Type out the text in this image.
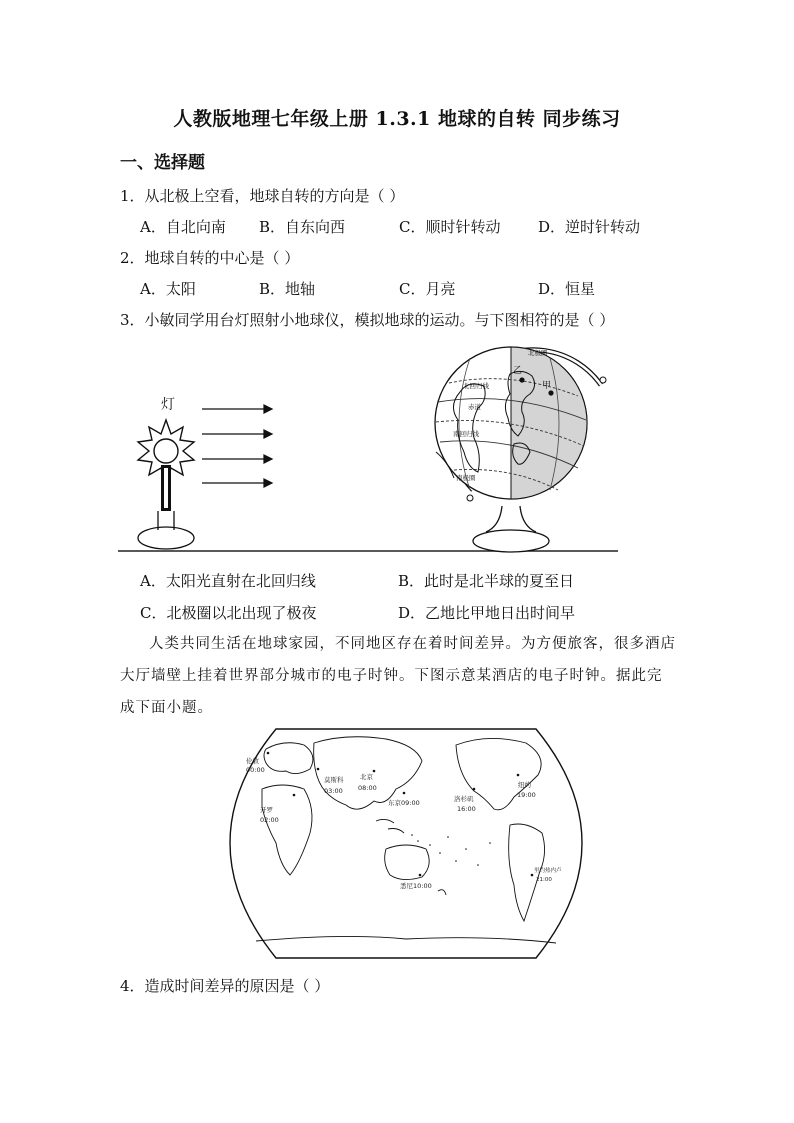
人教版地理七年级上册 1.3.1 地球的自转 同步练习
一、选择题
1．从北极上空看，地球自转的方向是（ ）
A．自北向南 B．自东向西	C．顺时针转动	D．逆时针转动
2．地球自转的中心是（ ）
A．太阳	B．地轴	C．月亮	D．恒星
3．小敏同学用台灯照射小地球仪，模拟地球的运动。与下图相符的是（ ）
灯
北极圈
北回归线
赤道
南回归线
南极圈
乙
甲
A．太阳光直射在北回归线	B．此时是北半球的夏至日
C．北极圈以北出现了极夜	D．乙地比甲地日出时间早
人类共同生活在地球家园，不同地区存在着时间差异。为方便旅客，很多酒店大厅墙壁上挂着世界部分城市的电子时钟。下图示意某酒店的电子时钟。据此完成下面小题。
伦敦
00:00
开罗
02:00
莫斯科
03:00
北京
08:00
东京09:00
悉尼10:00
洛杉矶
16:00
纽约
19:00
里约热内卢
21:00
4．造成时间差异的原因是（ ）
